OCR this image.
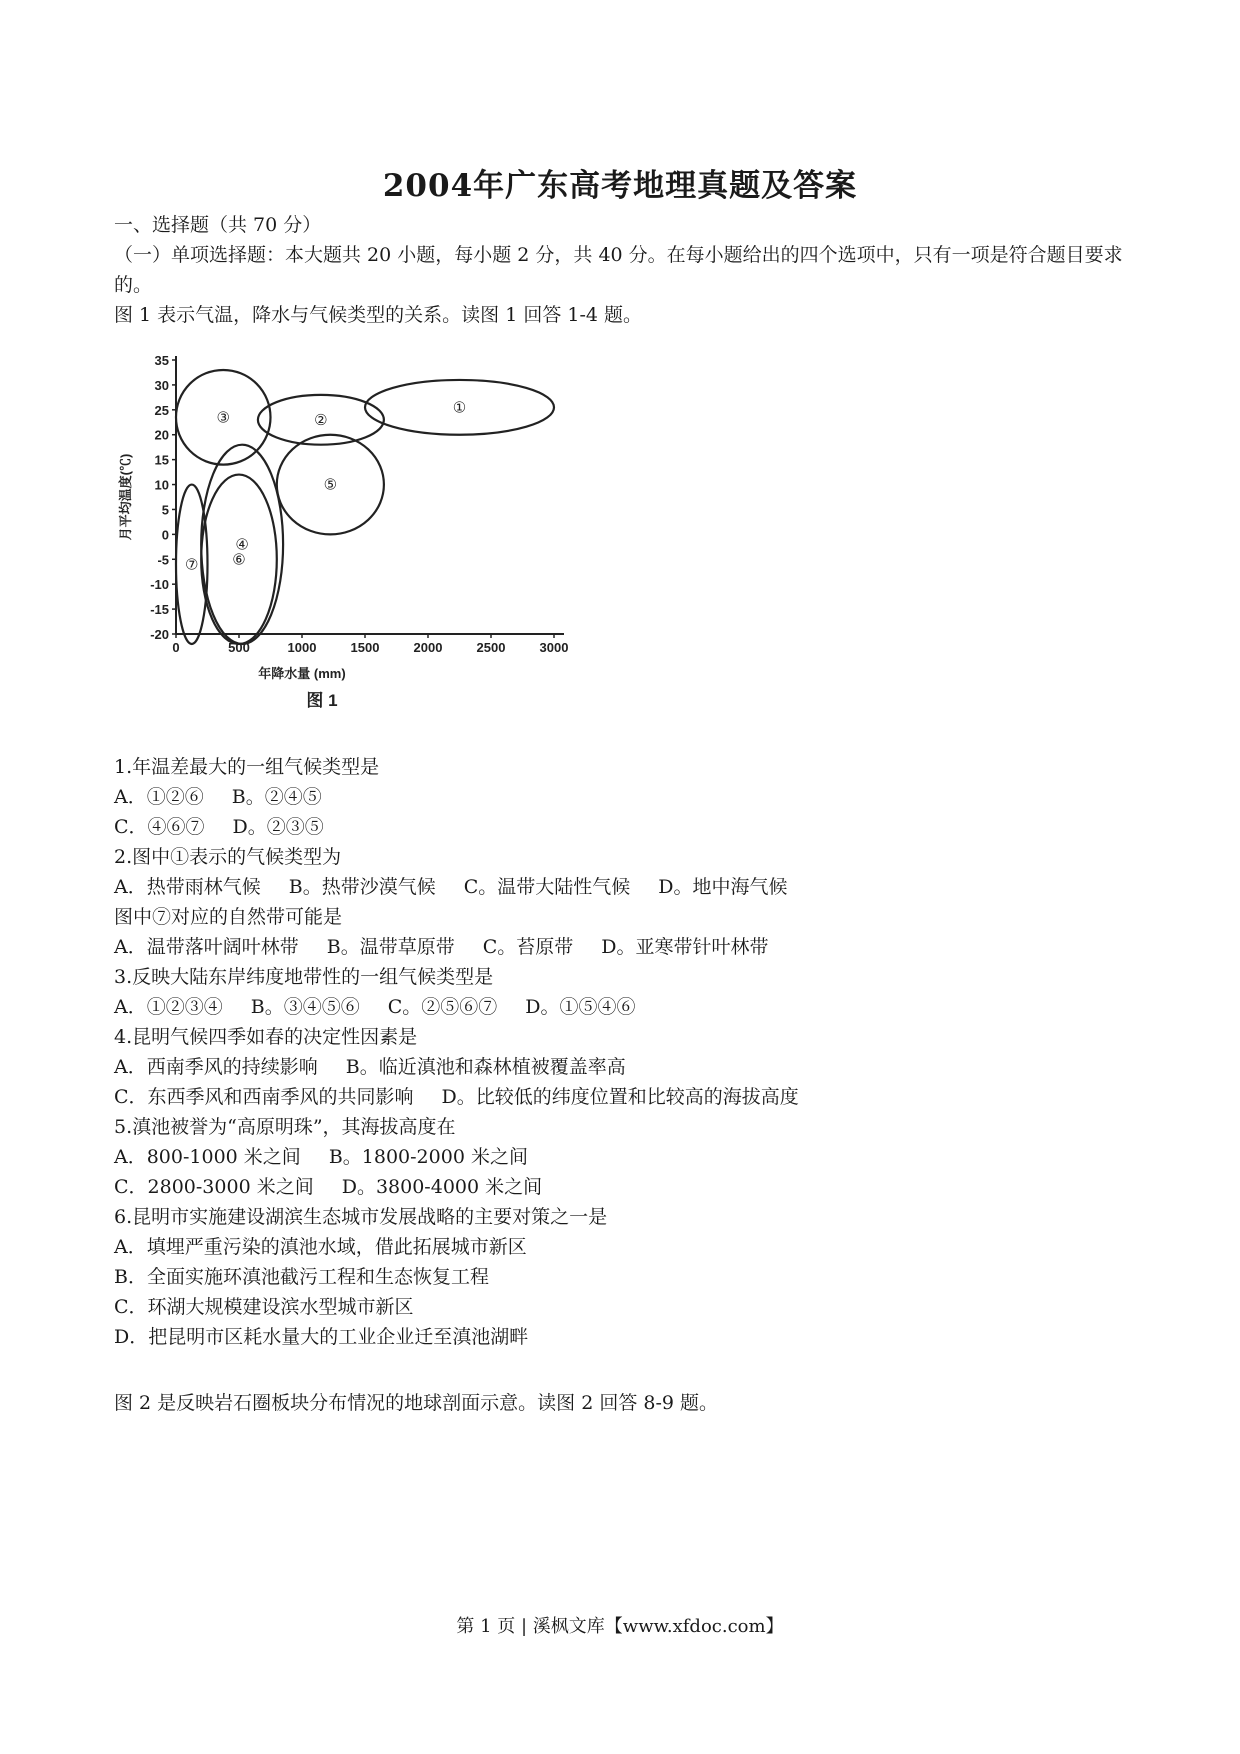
2004年广东高考地理真题及答案
一、选择题（共 70 分）
（一）单项选择题：本大题共 20 小题，每小题 2 分，共 40 分。在每小题给出的四个选项中，只有一项是符合题目要求的。
图 1 表示气温，降水与气候类型的关系。读图 1 回答 1-4 题。
35
30
25
20
15
10
5
0
-5
-10
-15
-20
0	500	1000	1500	2000	2500	3000
年降水量 (mm)
月平均温度(℃)
图 1
①
②
③
④
⑤
⑥
⑦
1.年温差最大的一组气候类型是
A．①②⑥ B。②④⑤
C．④⑥⑦ D。②③⑤
2.图中①表示的气候类型为
A．热带雨林气候 B。热带沙漠气候 C。温带大陆性气候 D。地中海气候
图中⑦对应的自然带可能是
A．温带落叶阔叶林带 B。温带草原带 C。苔原带 D。亚寒带针叶林带
3.反映大陆东岸纬度地带性的一组气候类型是
A．①②③④ B。③④⑤⑥ C。②⑤⑥⑦ D。①⑤④⑥
4.昆明气候四季如春的决定性因素是
A．西南季风的持续影响 B。临近滇池和森林植被覆盖率高
C．东西季风和西南季风的共同影响 D。比较低的纬度位置和比较高的海拔高度
5.滇池被誉为“高原明珠”，其海拔高度在
A．800-1000 米之间 B。1800-2000 米之间
C．2800-3000 米之间 D。3800-4000 米之间
6.昆明市实施建设湖滨生态城市发展战略的主要对策之一是
A．填埋严重污染的滇池水域，借此拓展城市新区
B．全面实施环滇池截污工程和生态恢复工程
C．环湖大规模建设滨水型城市新区
D．把昆明市区耗水量大的工业企业迁至滇池湖畔
图 2 是反映岩石圈板块分布情况的地球剖面示意。读图 2 回答 8-9 题。
第 1 页 | 溪枫文库【www.xfdoc.com】
